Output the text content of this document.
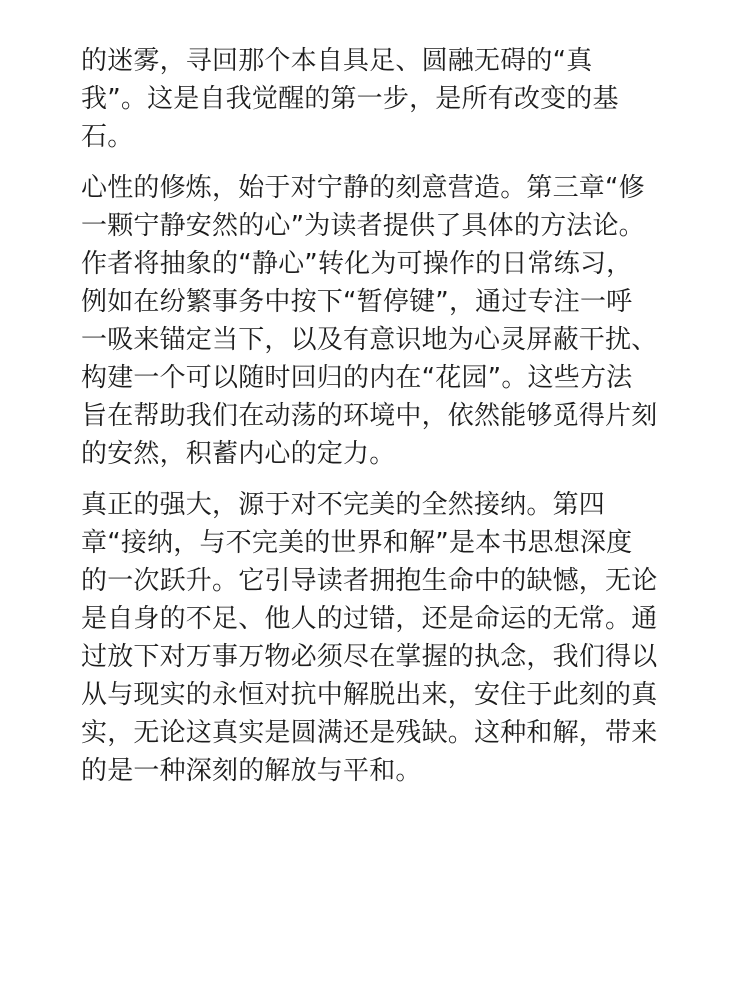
的迷雾，寻回那个本自具足、圆融无碍的“真
我”。这是自我觉醒的第一步，是所有改变的基
石。
心性的修炼，始于对宁静的刻意营造。第三章“修
一颗宁静安然的心”为读者提供了具体的方法论。
作者将抽象的“静心”转化为可操作的日常练习，
例如在纷繁事务中按下“暂停键”，通过专注一呼
一吸来锚定当下，以及有意识地为心灵屏蔽干扰、
构建一个可以随时回归的内在“花园”。这些方法
旨在帮助我们在动荡的环境中，依然能够觅得片刻
的安然，积蓄内心的定力。
真正的强大，源于对不完美的全然接纳。第四
章“接纳，与不完美的世界和解”是本书思想深度
的一次跃升。它引导读者拥抱生命中的缺憾，无论
是自身的不足、他人的过错，还是命运的无常。通
过放下对万事万物必须尽在掌握的执念，我们得以
从与现实的永恒对抗中解脱出来，安住于此刻的真
实，无论这真实是圆满还是残缺。这种和解，带来
的是一种深刻的解放与平和。
